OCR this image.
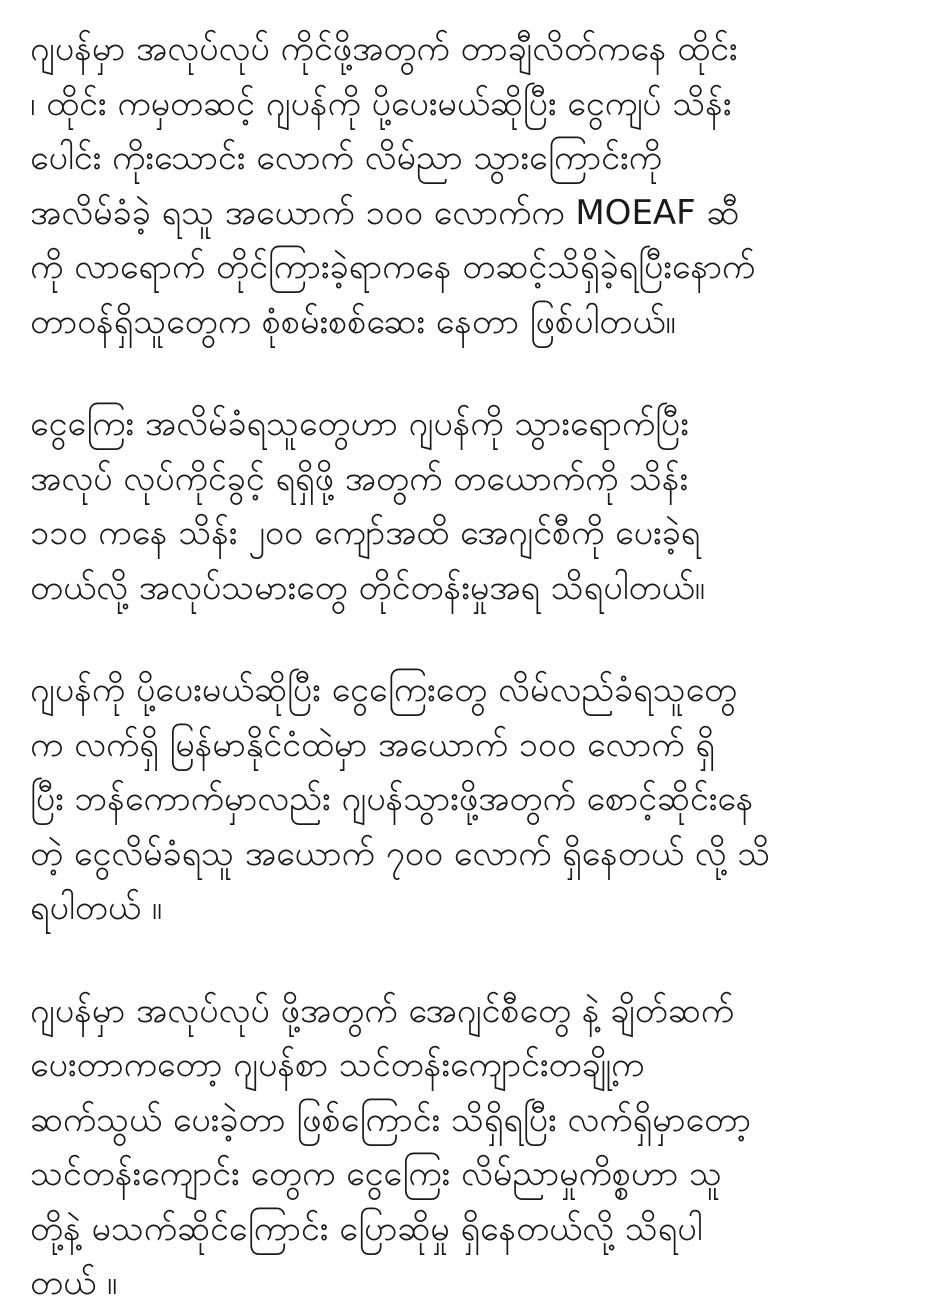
ဂျပန်မှာ အလုပ်လုပ် ကိုင်ဖို့အတွက် တာချီလိတ်ကနေ ထိုင်း
၊ ထိုင်း ကမှတဆင့် ဂျပန်ကို ပို့ပေးမယ်ဆိုပြီး ငွေကျပ် သိန်း
ပေါင်း ကိုးသောင်း လောက် လိမ်ညာ သွားကြောင်းကို
အလိမ်ခံခဲ့ ရသူ အယောက် ၁၀၀ လောက်က MOEAF ဆီ
ကို လာရောက် တိုင်ကြားခဲ့ရာကနေ တဆင့်သိရှိခဲ့ရပြီးနောက်
တာဝန်ရှိသူတွေက စုံစမ်းစစ်ဆေး နေတာ ဖြစ်ပါတယ်။
ငွေကြေး အလိမ်ခံရသူတွေဟာ ဂျပန်ကို သွားရောက်ပြီး
အလုပ် လုပ်ကိုင်ခွင့် ရရှိဖို့ အတွက် တယောက်ကို သိန်း
၁၁၀ ကနေ သိန်း ၂၀၀ ကျော်အထိ အေဂျင်စီကို ပေးခဲ့ရ
တယ်လို့ အလုပ်သမားတွေ တိုင်တန်းမှုအရ သိရပါတယ်။
ဂျပန်ကို ပို့ပေးမယ်ဆိုပြီး ငွေကြေးတွေ လိမ်လည်ခံရသူတွေ
က လက်ရှိ မြန်မာနိုင်ငံထဲမှာ အယောက် ၁၀၀ လောက် ရှိ
ပြီး ဘန်ကောက်မှာလည်း ဂျပန်သွားဖို့အတွက် စောင့်ဆိုင်းနေ
တဲ့ ငွေလိမ်ခံရသူ အယောက် ၇၀၀ လောက် ရှိနေတယ် လို့ သိ
ရပါတယ် ။
ဂျပန်မှာ အလုပ်လုပ် ဖို့အတွက် အေဂျင်စီတွေ နဲ့ ချိတ်ဆက်
ပေးတာကတော့ ဂျပန်စာ သင်တန်းကျောင်းတချို့က
ဆက်သွယ် ပေးခဲ့တာ ဖြစ်ကြောင်း သိရှိရပြီး လက်ရှိမှာတော့
သင်တန်းကျောင်း တွေက ငွေကြေး လိမ်ညာမှုကိစ္စဟာ သူ
တို့နဲ့ မသက်ဆိုင်ကြောင်း ပြောဆိုမှု ရှိနေတယ်လို့ သိရပါ
တယ် ။
